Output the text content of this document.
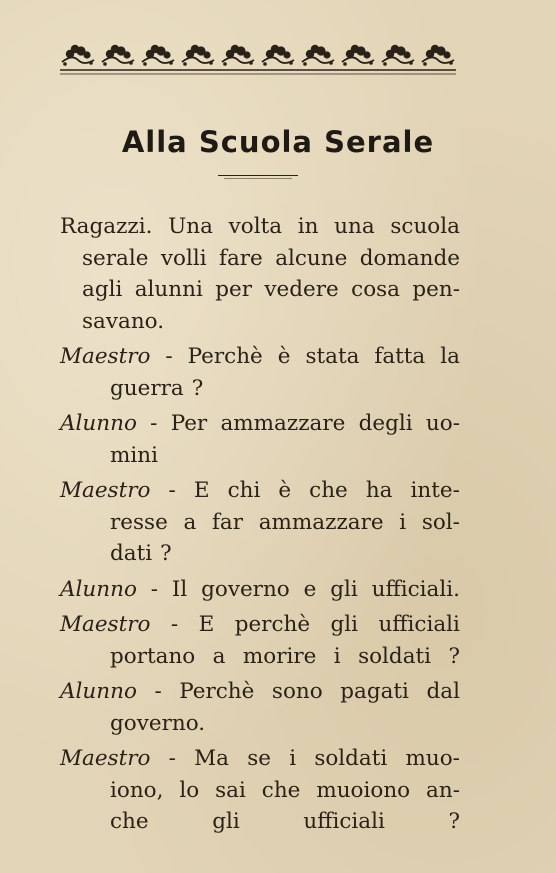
Alla Scuola Serale
Ragazzi. Una volta in una scuola
serale volli fare alcune domande
agli alunni per vedere cosa pen-
savano.
Maestro - Perchè è stata fatta la
guerra ?
Alunno - Per ammazzare degli uo-
mini
Maestro - E chi è che ha inte-
resse a far ammazzare i sol-
dati ?
Alunno - Il governo e gli ufficiali.
Maestro - E perchè gli ufficiali
portano a morire i soldati ?
Alunno - Perchè sono pagati dal
governo.
Maestro - Ma se i soldati muo-
iono, lo sai che muoiono an-
che	gli	ufficiali	?
